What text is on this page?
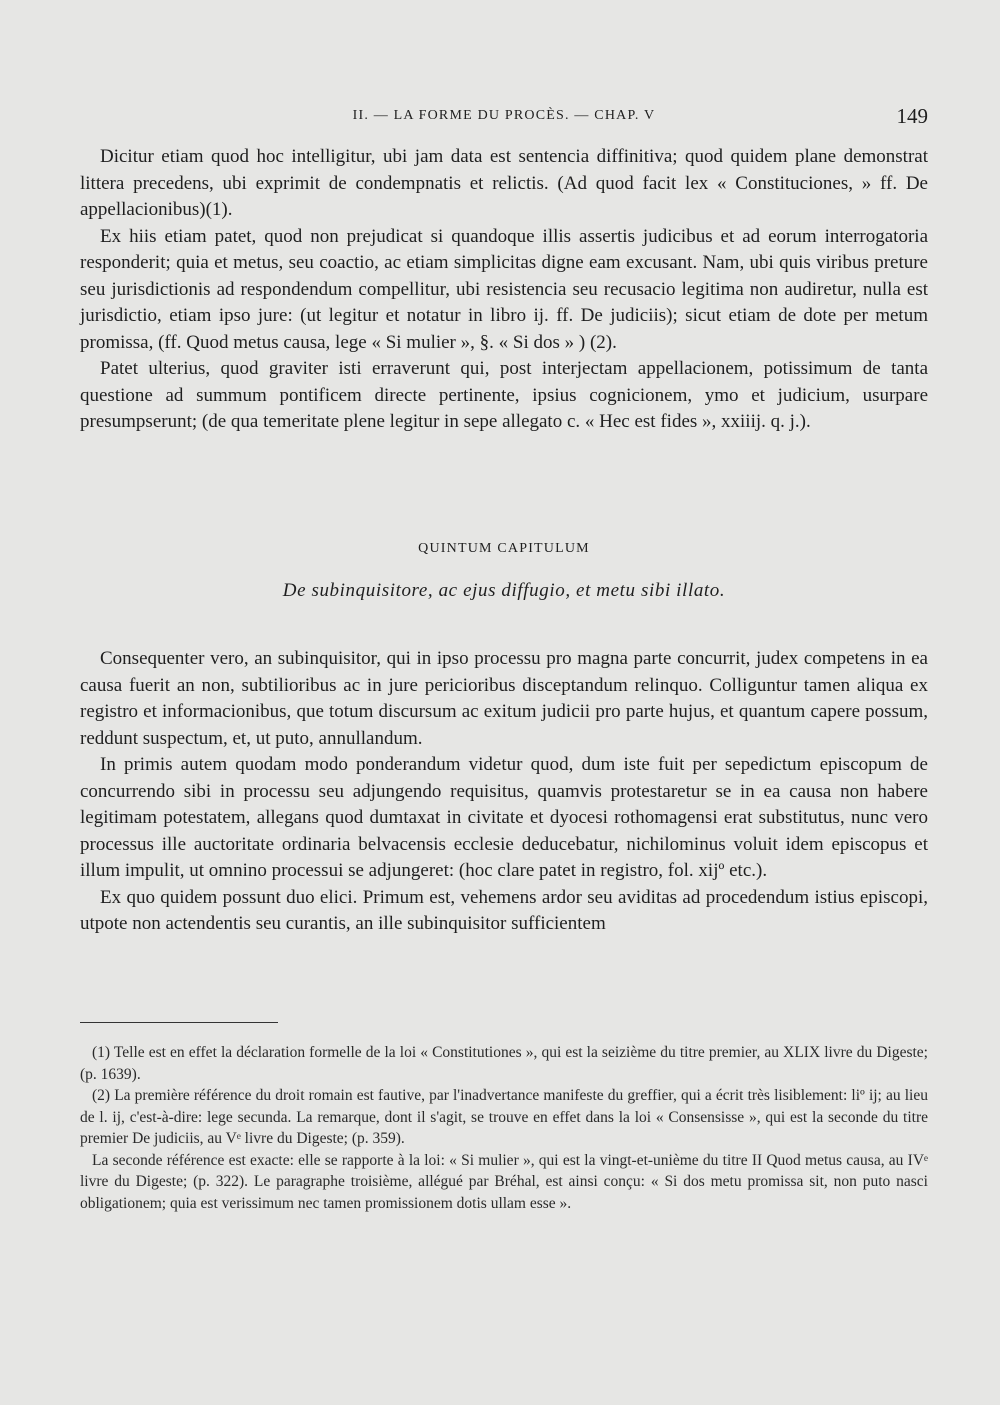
II. — LA FORME DU PROCÈS. — CHAP. V	149

Dicitur etiam quod hoc intelligitur, ubi jam data est sentencia diffinitiva; quod quidem plane demonstrat littera precedens, ubi exprimit de condempnatis et relictis. (Ad quod facit lex « Constituciones, » ff. De appellacionibus)(1).

Ex hiis etiam patet, quod non prejudicat si quandoque illis assertis judicibus et ad eorum interrogatoria responderit; quia et metus, seu coactio, ac etiam simplicitas digne eam excusant. Nam, ubi quis viribus preture seu jurisdictionis ad respondendum compellitur, ubi resistencia seu recusacio legitima non audiretur, nulla est jurisdictio, etiam ipso jure: (ut legitur et notatur in libro ij. ff. De judiciis); sicut etiam de dote per metum promissa, (ff. Quod metus causa, lege « Si mulier », §. « Si dos » ) (2).

Patet ulterius, quod graviter isti erraverunt qui, post interjectam appellacionem, potissimum de tanta questione ad summum pontificem directe pertinente, ipsius cognicionem, ymo et judicium, usurpare presumpserunt; (de qua temeritate plene legitur in sepe allegato c. « Hec est fides », xxiiij. q. j.).

QUINTUM CAPITULUM
De subinquisitore, ac ejus diffugio, et metu sibi illato.

Consequenter vero, an subinquisitor, qui in ipso processu pro magna parte concurrit, judex competens in ea causa fuerit an non, subtilioribus ac in jure pericioribus disceptandum relinquo. Colliguntur tamen aliqua ex registro et informacionibus, que totum discursum ac exitum judicii pro parte hujus, et quantum capere possum, reddunt suspectum, et, ut puto, annullandum.

In primis autem quodam modo ponderandum videtur quod, dum iste fuit per sepedictum episcopum de concurrendo sibi in processu seu adjungendo requisitus, quamvis protestaretur se in ea causa non habere legitimam potestatem, allegans quod dumtaxat in civitate et dyocesi rothomagensi erat substitutus, nunc vero processus ille auctoritate ordinaria belvacensis ecclesie deducebatur, nichilominus voluit idem episcopus et illum impulit, ut omnino processui se adjungeret: (hoc clare patet in registro, fol. xijº etc.).

Ex quo quidem possunt duo elici. Primum est, vehemens ardor seu aviditas ad procedendum istius episcopi, utpote non actendentis seu curantis, an ille subinquisitor sufficientem

(1) Telle est en effet la déclaration formelle de la loi « Constitutiones », qui est la seizième du titre premier, au XLIX livre du Digeste; (p. 1639).

(2) La première référence du droit romain est fautive, par l'inadvertance manifeste du greffier, qui a écrit très lisiblement: liº ij; au lieu de l. ij, c'est-à-dire: lege secunda. La remarque, dont il s'agit, se trouve en effet dans la loi « Consensisse », qui est la seconde du titre premier De judiciis, au Vᵉ livre du Digeste; (p. 359).

La seconde référence est exacte: elle se rapporte à la loi: « Si mulier », qui est la vingt-et-unième du titre II Quod metus causa, au IVᵉ livre du Digeste; (p. 322). Le paragraphe troisième, allégué par Bréhal, est ainsi conçu: « Si dos metu promissa sit, non puto nasci obligationem; quia est verissimum nec tamen promissionem dotis ullam esse ».
